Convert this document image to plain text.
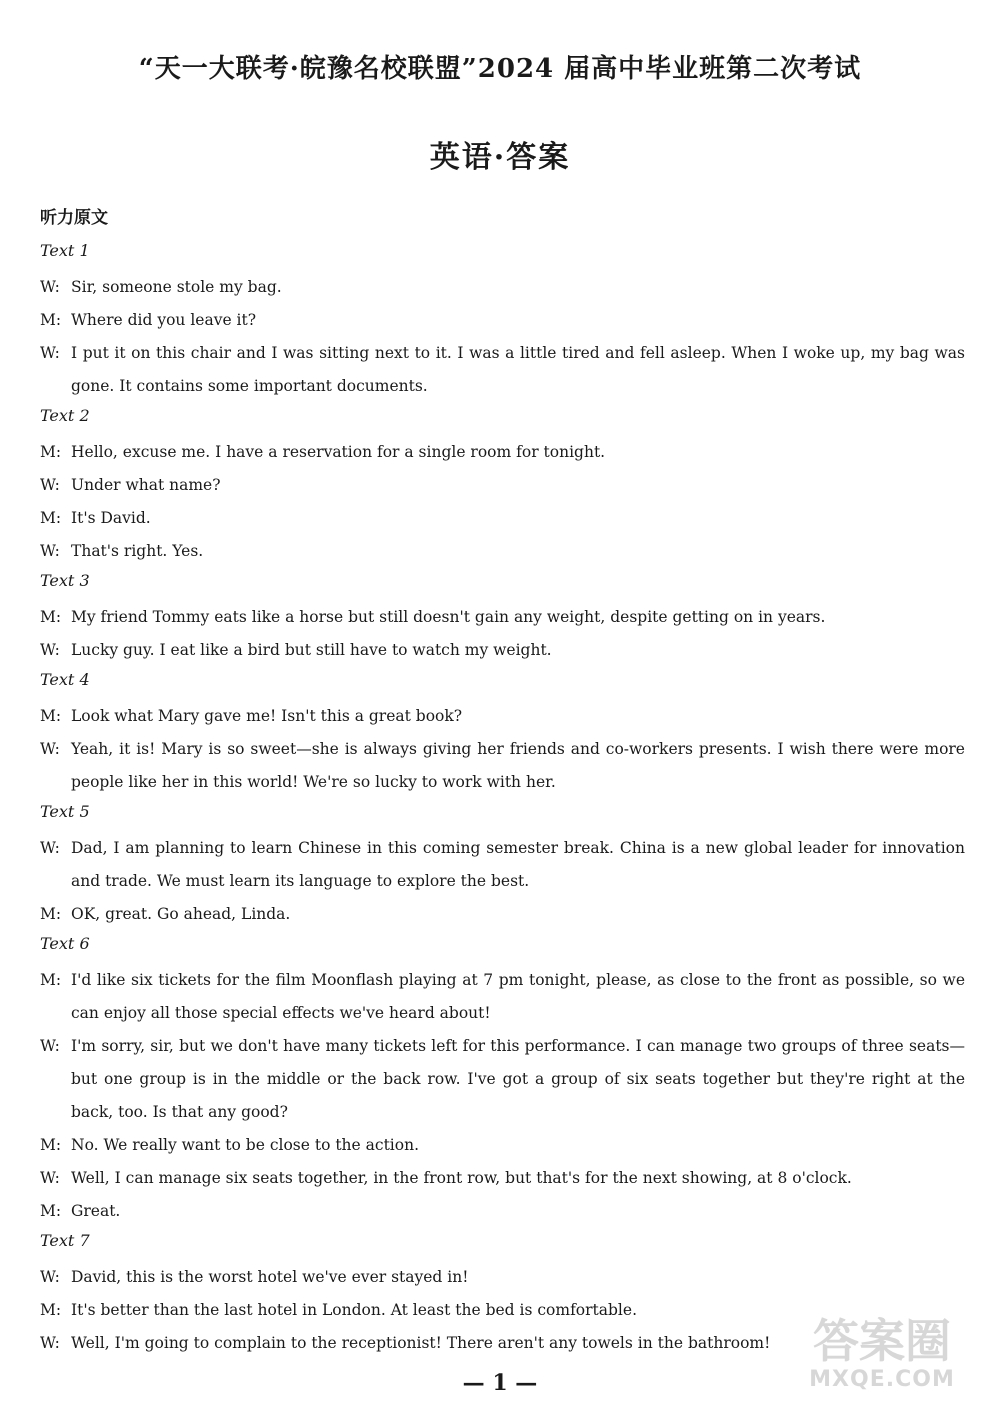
“天一大联考·皖豫名校联盟”2024 届高中毕业班第二次考试
英语·答案
听力原文
Text 1
W: Sir, someone stole my bag.
M: Where did you leave it?
W: I put it on this chair and I was sitting next to it. I was a little tired and fell asleep. When I woke up, my bag was gone. It contains some important documents.
Text 2
M: Hello, excuse me. I have a reservation for a single room for tonight.
W: Under what name?
M: It's David.
W: That's right. Yes.
Text 3
M: My friend Tommy eats like a horse but still doesn't gain any weight, despite getting on in years.
W: Lucky guy. I eat like a bird but still have to watch my weight.
Text 4
M: Look what Mary gave me! Isn't this a great book?
W: Yeah, it is! Mary is so sweet—she is always giving her friends and co-workers presents. I wish there were more people like her in this world! We're so lucky to work with her.
Text 5
W: Dad, I am planning to learn Chinese in this coming semester break. China is a new global leader for innovation and trade. We must learn its language to explore the best.
M: OK, great. Go ahead, Linda.
Text 6
M: I'd like six tickets for the film Moonflash playing at 7 pm tonight, please, as close to the front as possible, so we can enjoy all those special effects we've heard about!
W: I'm sorry, sir, but we don't have many tickets left for this performance. I can manage two groups of three seats—but one group is in the middle or the back row. I've got a group of six seats together but they're right at the back, too. Is that any good?
M: No. We really want to be close to the action.
W: Well, I can manage six seats together, in the front row, but that's for the next showing, at 8 o'clock.
M: Great.
Text 7
W: David, this is the worst hotel we've ever stayed in!
M: It's better than the last hotel in London. At least the bed is comfortable.
W: Well, I'm going to complain to the receptionist! There aren't any towels in the bathroom!
— 1 —
答案圈
MXQE.COM
